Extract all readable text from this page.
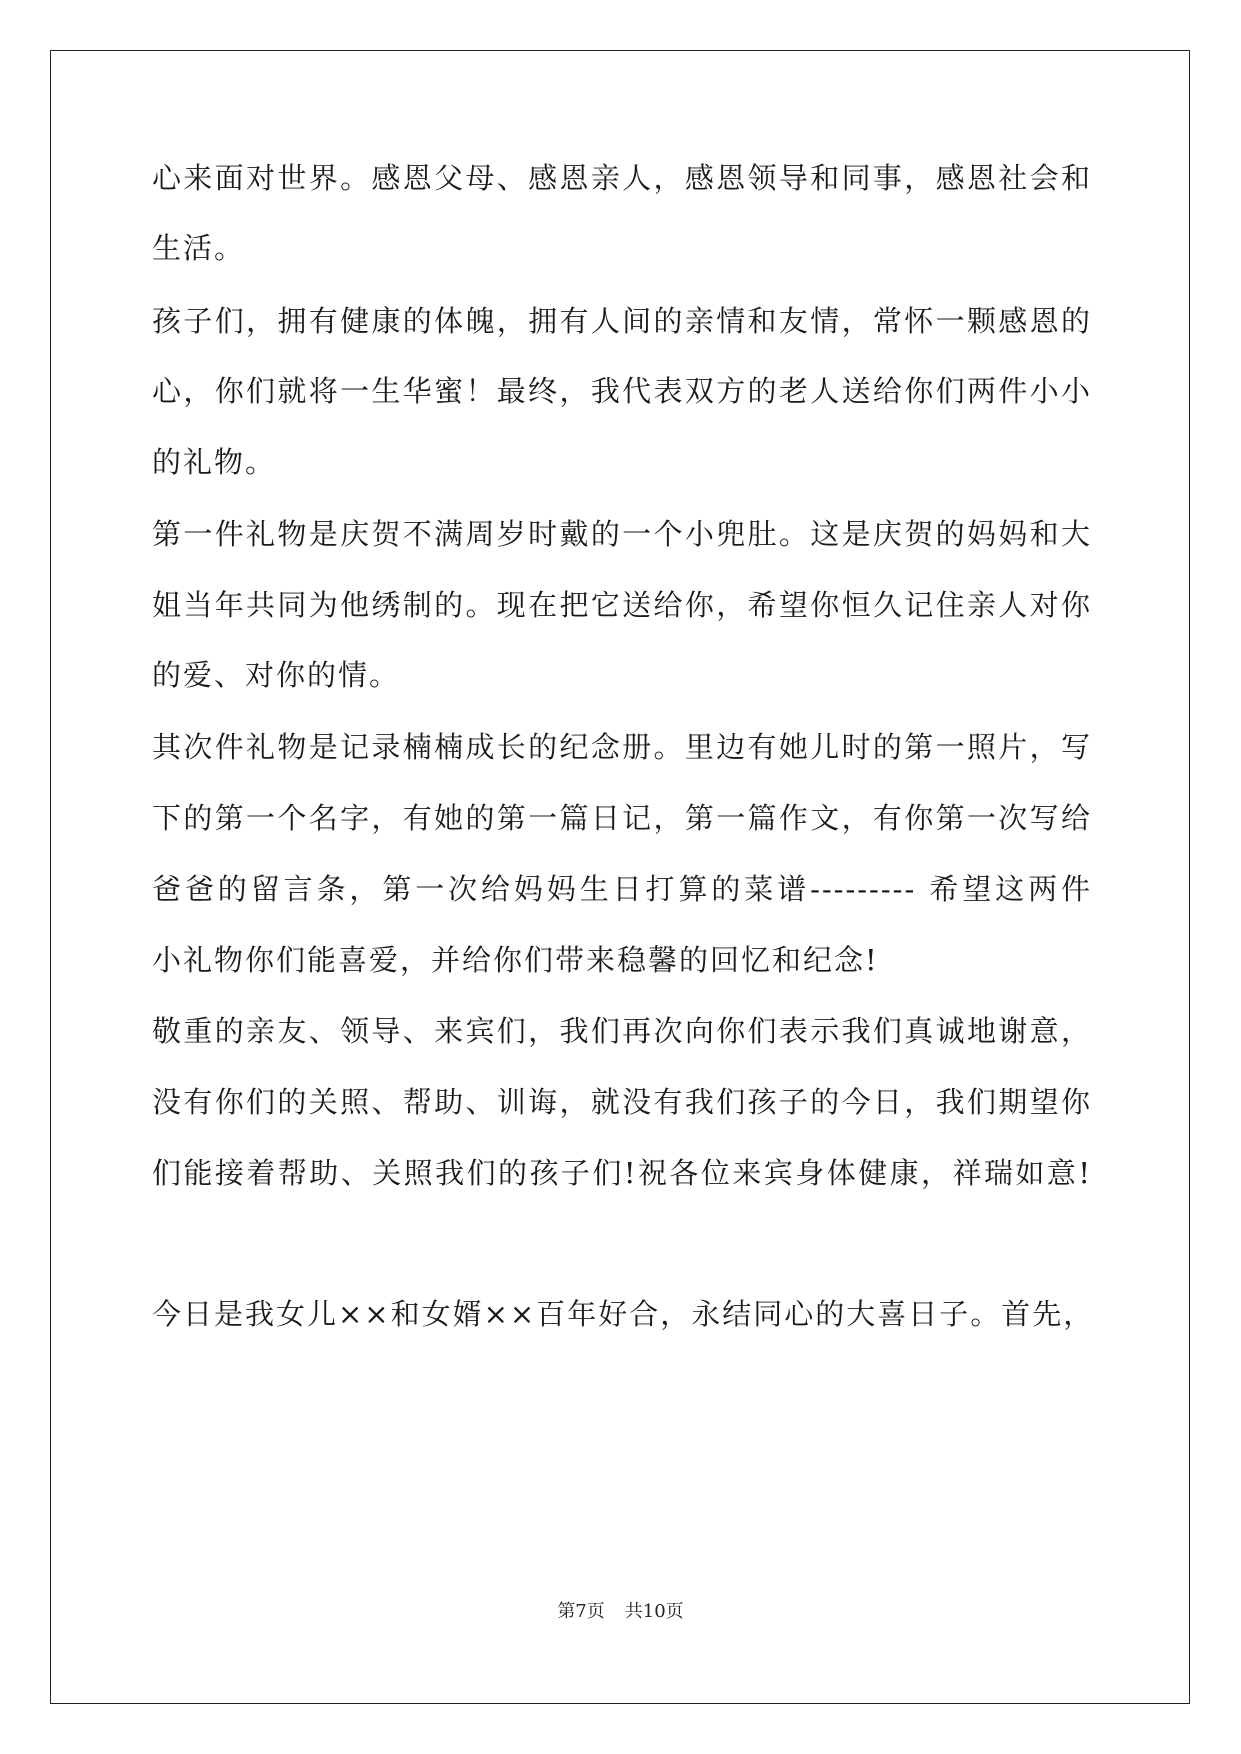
心来面对世界。感恩父母、感恩亲人，感恩领导和同事，感恩社会和
生活。
孩子们，拥有健康的体魄，拥有人间的亲情和友情，常怀一颗感恩的
心，你们就将一生华蜜！最终，我代表双方的老人送给你们两件小小
的礼物。
第一件礼物是庆贺不满周岁时戴的一个小兜肚。这是庆贺的妈妈和大
姐当年共同为他绣制的。现在把它送给你，希望你恒久记住亲人对你
的爱、对你的情。
其次件礼物是记录楠楠成长的纪念册。里边有她儿时的第一照片，写
下的第一个名字，有她的第一篇日记，第一篇作文，有你第一次写给
爸爸的留言条，第一次给妈妈生日打算的菜谱--------- 希望这两件
小礼物你们能喜爱，并给你们带来稳馨的回忆和纪念!
敬重的亲友、领导、来宾们，我们再次向你们表示我们真诚地谢意，
没有你们的关照、帮助、训诲，就没有我们孩子的今日，我们期望你
们能接着帮助、关照我们的孩子们!祝各位来宾身体健康，祥瑞如意!
今日是我女儿××和女婿××百年好合，永结同心的大喜日子。首先，
第7页 共10页
